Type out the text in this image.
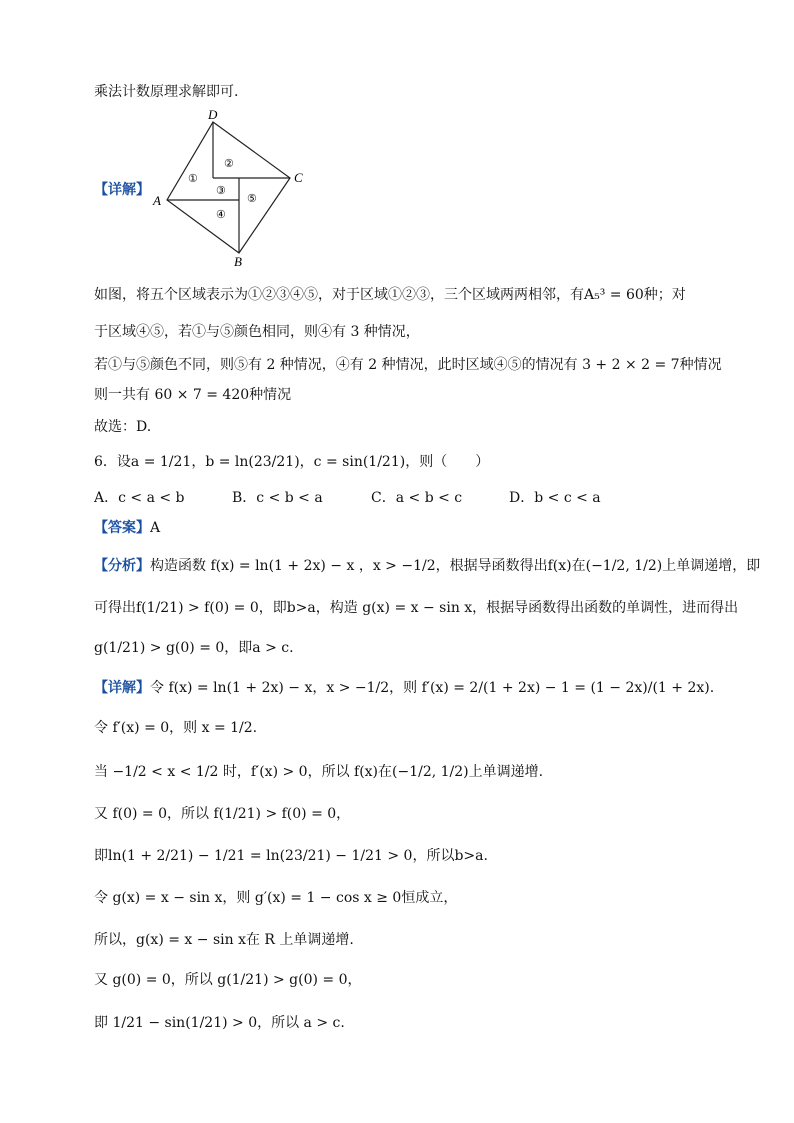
乘法计数原理求解即可.
【详解】
D
C
A
B
①
②
③
④
⑤
如图，将五个区域表示为①②③④⑤，对于区域①②③，三个区域两两相邻，有A₅³ = 60种；对
于区域④⑤，若①与⑤颜色相同，则④有 3 种情况，
若①与⑤颜色不同，则⑤有 2 种情况，④有 2 种情况，此时区域④⑤的情况有 3 + 2 × 2 = 7种情况
则一共有 60 × 7 = 420种情况
故选：D.
6．设a = 1/21，b = ln(23/21)，c = sin(1/21)，则（　　）
A．c < a < b	B．c < b < a	C．a < b < c	D．b < c < a
【答案】A
【分析】构造函数 f(x) = ln(1 + 2x) − x ，x > −1/2，根据导函数得出f(x)在(−1/2, 1/2)上单调递增，即
可得出f(1/21) > f(0) = 0，即b>a，构造 g(x) = x − sin x，根据导函数得出函数的单调性，进而得出
g(1/21) > g(0) = 0，即a > c.
【详解】令 f(x) = ln(1 + 2x) − x，x > −1/2，则 f′(x) = 2/(1 + 2x) − 1 = (1 − 2x)/(1 + 2x).
令 f′(x) = 0，则 x = 1/2.
当 −1/2 < x < 1/2 时，f′(x) > 0，所以 f(x)在(−1/2, 1/2)上单调递增.
又 f(0) = 0，所以 f(1/21) > f(0) = 0，
即ln(1 + 2/21) − 1/21 = ln(23/21) − 1/21 > 0，所以b>a.
令 g(x) = x − sin x，则 g′(x) = 1 − cos x ≥ 0恒成立，
所以，g(x) = x − sin x在 R 上单调递增.
又 g(0) = 0，所以 g(1/21) > g(0) = 0，
即 1/21 − sin(1/21) > 0，所以 a > c.
